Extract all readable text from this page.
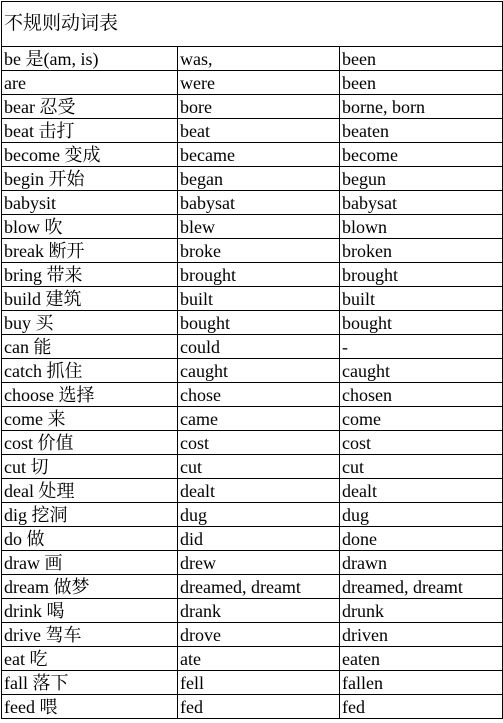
不规则动词表		
be 是(am, is)	was,	been
are	were	been
bear 忍受	bore	borne, born
beat 击打	beat	beaten
become 变成	became	become
begin 开始	began	begun
babysit	babysat	babysat
blow 吹	blew	blown
break 断开	broke	broken
bring 带来	brought	brought
build 建筑	built	built
buy 买	bought	bought
can 能	could	-
catch 抓住	caught	caught
choose 选择	chose	chosen
come 来	came	come
cost 价值	cost	cost
cut 切	cut	cut
deal 处理	dealt	dealt
dig 挖洞	dug	dug
do 做	did	done
draw 画	drew	drawn
dream 做梦	dreamed, dreamt	dreamed, dreamt
drink 喝	drank	drunk
drive 驾车	drove	driven
eat 吃	ate	eaten
fall 落下	fell	fallen
feed 喂	fed	fed
